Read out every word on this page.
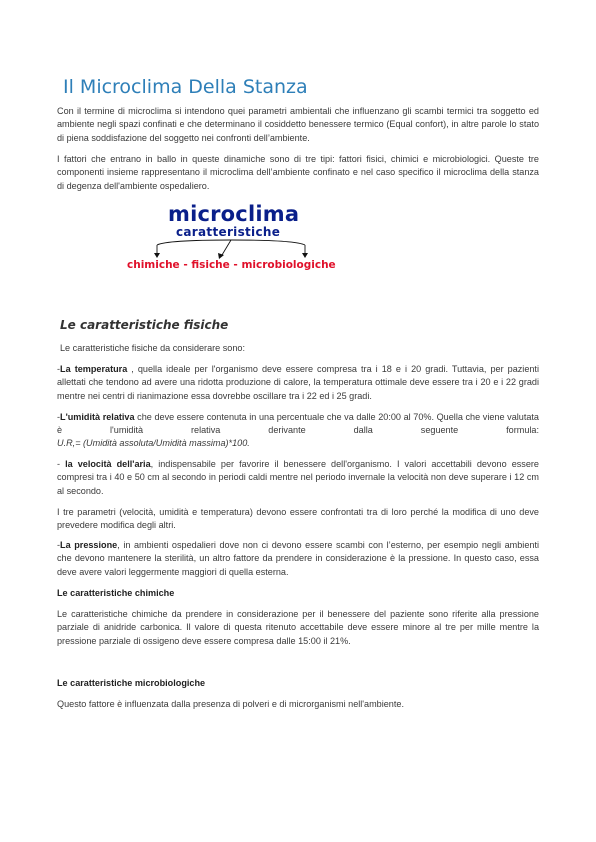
Il Microclima Della Stanza

Con il termine di microclima si intendono quei parametri ambientali che influenzano gli scambi termici tra soggetto ed ambiente negli spazi confinati e che determinano il cosiddetto benessere termico (Equal confort), in altre parole lo stato di piena soddisfazione del soggetto nei confronti dell’ambiente.

I fattori che entrano in ballo in queste dinamiche sono di tre tipi: fattori fisici, chimici e microbiologici. Queste tre componenti insieme rappresentano il microclima dell’ambiente confinato e nel caso specifico il microclima della stanza di degenza dell'ambiente ospedaliero.

microclima
caratteristiche
chimiche - fisiche - microbiologiche
Le caratteristiche fisiche

Le caratteristiche fisiche da considerare sono:

-La temperatura , quella ideale per l'organismo deve essere compresa tra i 18 e i 20 gradi. Tuttavia, per pazienti allettati che tendono ad avere una ridotta produzione di calore, la temperatura ottimale deve essere tra i 20 e i 22 gradi mentre nei centri di rianimazione essa dovrebbe oscillare tra i 22 ed i 25 gradi.

-L'umidità relativa che deve essere contenuta in una percentuale che va dalle 20:00 al 70%. Quella che viene valutata è l'umidità relativa derivante dalla seguente formula:

U.R,= (Umidità assoluta/Umidità massima)*100.

- la velocità dell'aria, indispensabile per favorire il benessere dell'organismo. I valori accettabili devono essere compresi tra i 40 e 50 cm al secondo in periodi caldi mentre nel periodo invernale la velocità non deve superare i 12 cm al secondo.

I tre parametri (velocità, umidità e temperatura) devono essere confrontati tra di loro perché la modifica di uno deve prevedere modifica degli altri.

-La pressione, in ambienti ospedalieri dove non ci devono essere scambi con l’esterno, per esempio negli ambienti che devono mantenere la sterilità, un altro fattore da prendere in considerazione è la pressione. In questo caso, essa deve avere valori leggermente maggiori di quella esterna.

Le caratteristiche chimiche

Le caratteristiche chimiche da prendere in considerazione per il benessere del paziente sono riferite alla pressione parziale di anidride carbonica. Il valore di questa ritenuto accettabile deve essere minore al tre per mille mentre la pressione parziale di ossigeno deve essere compresa dalle 15:00 il 21%.

Le caratteristiche microbiologiche

Questo fattore è influenzata dalla presenza di polveri e di microrganismi nell'ambiente.
